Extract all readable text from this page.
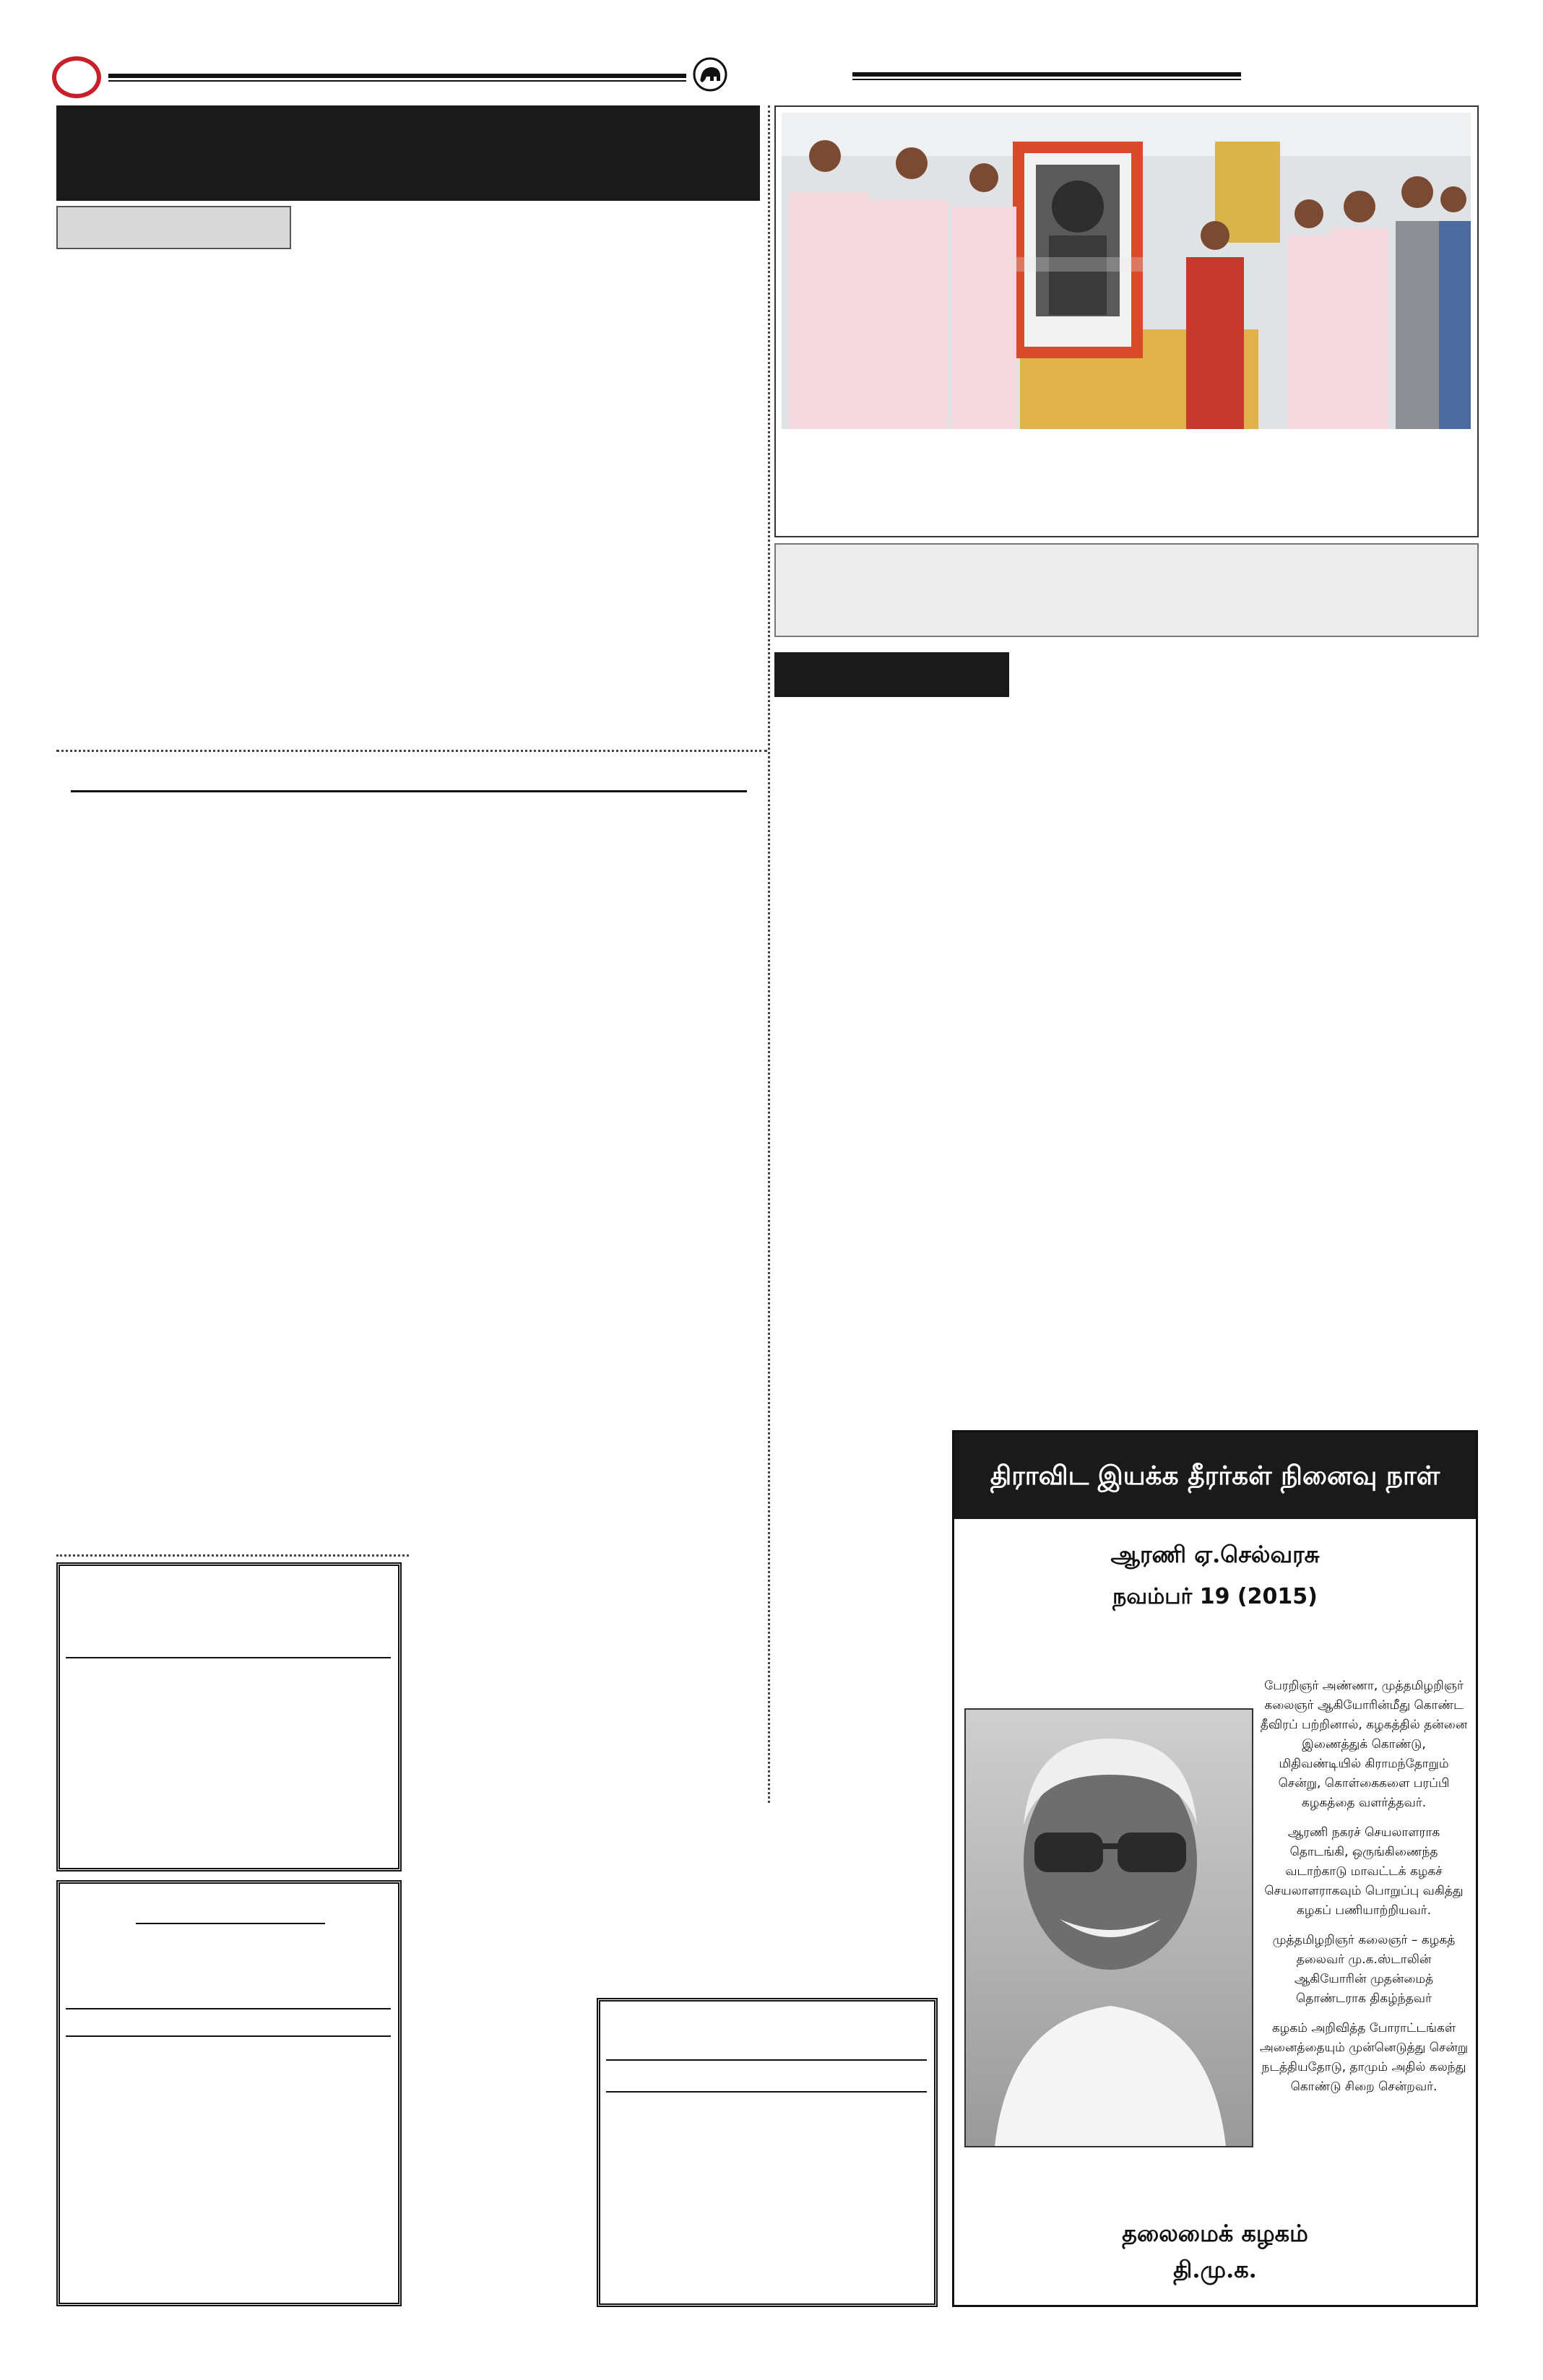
திராவிட இயக்க தீரர்கள் நினைவு நாள்
ஆரணி ஏ.செல்வரசு
நவம்பர் 19 (2015)

பேரறிஞர் அண்ணா, முத்தமிழறிஞர் கலைஞர் ஆகியோரின்மீது கொண்ட தீவிரப் பற்றினால், கழகத்தில் தன்னை இணைத்துக் கொண்டு, மிதிவண்டியில் கிராமந்தோறும் சென்று, கொள்கைகளை பரப்பி கழகத்தை வளர்த்தவர்.

ஆரணி நகரச் செயலாளராக தொடங்கி, ஒருங்கிணைந்த வடாற்காடு மாவட்டக் கழகச் செயலாளராகவும் பொறுப்பு வகித்து கழகப் பணியாற்றியவர்.

முத்தமிழறிஞர் கலைஞர் – கழகத் தலைவர் மு.க.ஸ்டாலின் ஆகியோரின் முதன்மைத் தொண்டராக திகழ்ந்தவர்

கழகம் அறிவித்த போராட்டங்கள் அனைத்தையும் முன்னெடுத்து சென்று நடத்தியதோடு, தாமும் அதில் கலந்து கொண்டு சிறை சென்றவர்.

தலைமைக் கழகம்
தி.மு.க.
